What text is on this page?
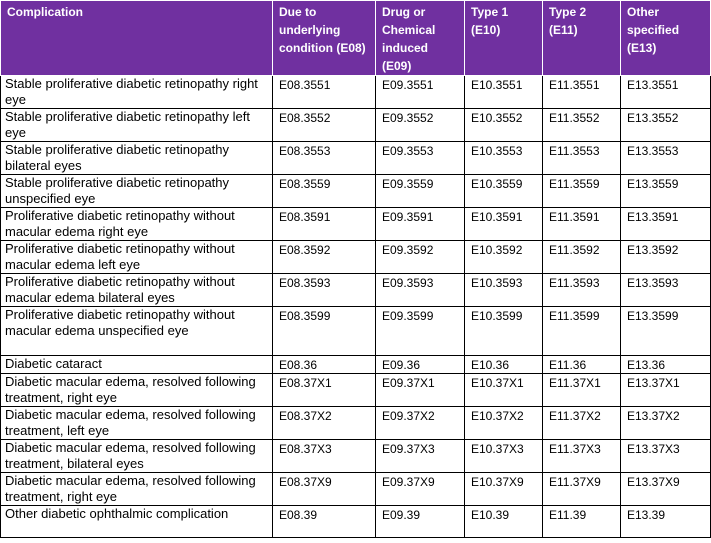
Complication	Due to underlying condition (E08)	Drug or Chemical induced (E09)	Type 1 (E10)	Type 2 (E11)	Other specified (E13)
Stable proliferative diabetic retinopathy right eye	E08.3551	E09.3551	E10.3551	E11.3551	E13.3551
Stable proliferative diabetic retinopathy left eye	E08.3552	E09.3552	E10.3552	E11.3552	E13.3552
Stable proliferative diabetic retinopathy bilateral eyes	E08.3553	E09.3553	E10.3553	E11.3553	E13.3553
Stable proliferative diabetic retinopathy unspecified eye	E08.3559	E09.3559	E10.3559	E11.3559	E13.3559
Proliferative diabetic retinopathy without macular edema right eye	E08.3591	E09.3591	E10.3591	E11.3591	E13.3591
Proliferative diabetic retinopathy without macular edema left eye	E08.3592	E09.3592	E10.3592	E11.3592	E13.3592
Proliferative diabetic retinopathy without macular edema bilateral eyes	E08.3593	E09.3593	E10.3593	E11.3593	E13.3593
Proliferative diabetic retinopathy without macular edema unspecified eye	E08.3599	E09.3599	E10.3599	E11.3599	E13.3599
Diabetic cataract	E08.36	E09.36	E10.36	E11.36	E13.36
Diabetic macular edema, resolved following treatment, right eye	E08.37X1	E09.37X1	E10.37X1	E11.37X1	E13.37X1
Diabetic macular edema, resolved following treatment, left eye	E08.37X2	E09.37X2	E10.37X2	E11.37X2	E13.37X2
Diabetic macular edema, resolved following treatment, bilateral eyes	E08.37X3	E09.37X3	E10.37X3	E11.37X3	E13.37X3
Diabetic macular edema, resolved following treatment, right eye	E08.37X9	E09.37X9	E10.37X9	E11.37X9	E13.37X9
Other diabetic ophthalmic complication	E08.39	E09.39	E10.39	E11.39	E13.39
